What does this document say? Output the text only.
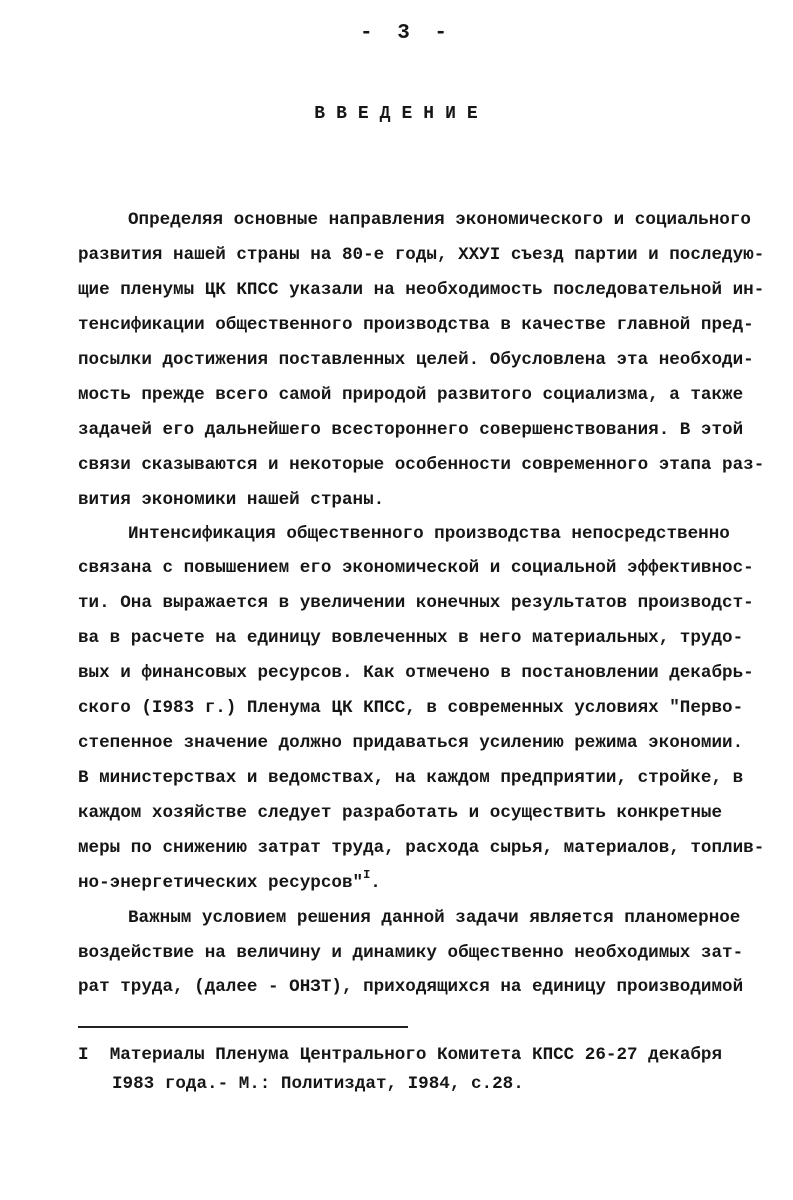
- 3 -
ВВЕДЕНИЕ
Определяя основные направления экономического и социального
развития нашей страны на 80-е годы, ХХУI съезд партии и последую-
щие пленумы ЦК КПСС указали на необходимость последовательной ин-
тенсификации общественного производства в качестве главной пред-
посылки достижения поставленных целей. Обусловлена эта необходи-
мость прежде всего самой природой развитого социализма, а также
задачей его дальнейшего всестороннего совершенствования. В этой
связи сказываются и некоторые особенности современного этапа раз-
вития экономики нашей страны.
Интенсификация общественного производства непосредственно
связана с повышением его экономической и социальной эффективнос-
ти. Она выражается в увеличении конечных результатов производст-
ва в расчете на единицу вовлеченных в него материальных, трудо-
вых и финансовых ресурсов. Как отмечено в постановлении декабрь-
ского (I983 г.) Пленума ЦК КПСС, в современных условиях "Перво-
степенное значение должно придаваться усилению режима экономии.
В министерствах и ведомствах, на каждом предприятии, стройке, в
каждом хозяйстве следует разработать и осуществить конкретные
меры по снижению затрат труда, расхода сырья, материалов, топлив-
но-энергетических ресурсов"$^I$.
Важным условием решения данной задачи является планомерное
воздействие на величину и динамику общественно необходимых зат-
рат труда, (далее - ОНЗТ), приходящихся на единицу производимой
I Материалы Пленума Центрального Комитета КПСС 26-27 декабря
I983 года.- М.: Политиздат, I984, с.28.
